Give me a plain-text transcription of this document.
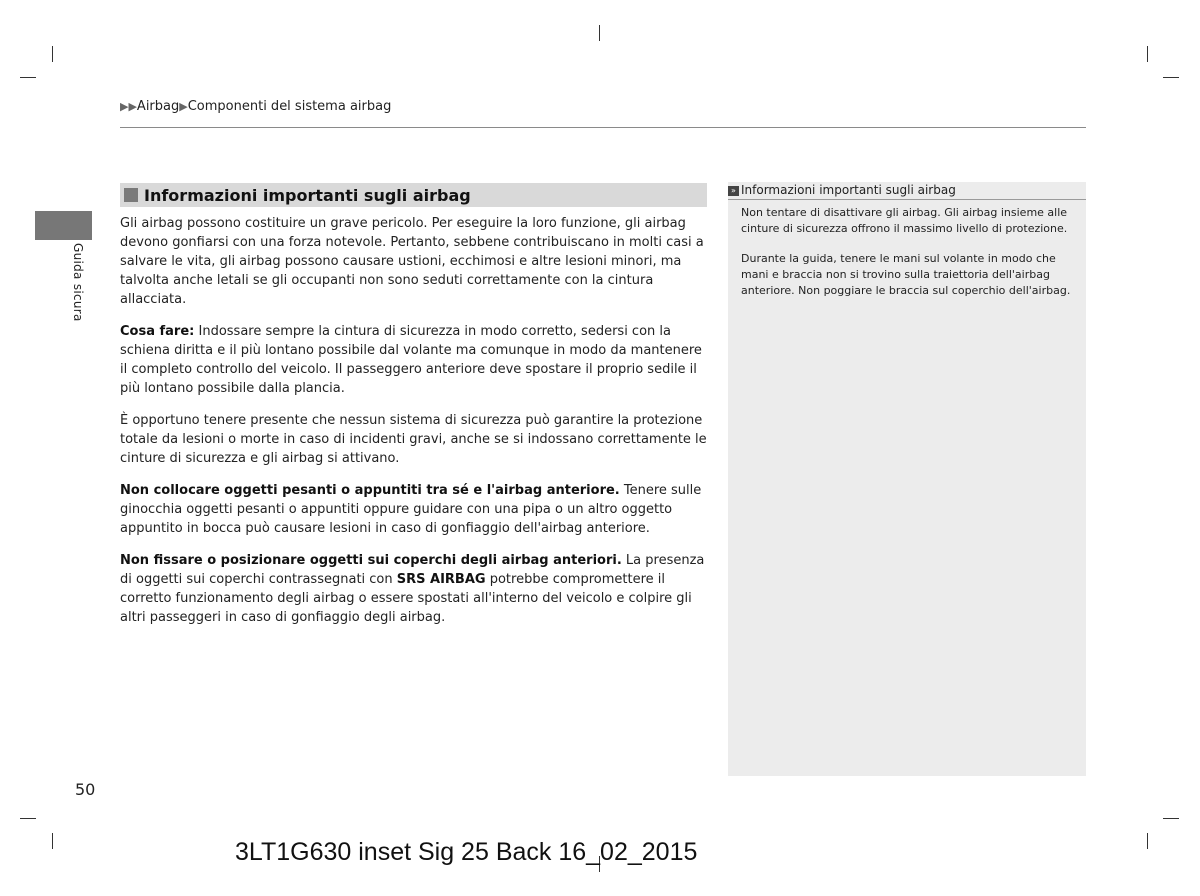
▶▶Airbag▶Componenti del sistema airbag
Guida sicura
50
Informazioni importanti sugli airbag

Gli airbag possono costituire un grave pericolo. Per eseguire la loro funzione, gli airbag devono gonfiarsi con una forza notevole. Pertanto, sebbene contribuiscano in molti casi a salvare le vita, gli airbag possono causare ustioni, ecchimosi e altre lesioni minori, ma talvolta anche letali se gli occupanti non sono seduti correttamente con la cintura allacciata.

Cosa fare: Indossare sempre la cintura di sicurezza in modo corretto, sedersi con la schiena diritta e il più lontano possibile dal volante ma comunque in modo da mantenere il completo controllo del veicolo. Il passeggero anteriore deve spostare il proprio sedile il più lontano possibile dalla plancia.

È opportuno tenere presente che nessun sistema di sicurezza può garantire la protezione totale da lesioni o morte in caso di incidenti gravi, anche se si indossano correttamente le cinture di sicurezza e gli airbag si attivano.

Non collocare oggetti pesanti o appuntiti tra sé e l'airbag anteriore. Tenere sulle ginocchia oggetti pesanti o appuntiti oppure guidare con una pipa o un altro oggetto appuntito in bocca può causare lesioni in caso di gonfiaggio dell'airbag anteriore.

Non fissare o posizionare oggetti sui coperchi degli airbag anteriori. La presenza di oggetti sui coperchi contrassegnati con SRS AIRBAG potrebbe compromettere il corretto funzionamento degli airbag o essere spostati all'interno del veicolo e colpire gli altri passeggeri in caso di gonfiaggio degli airbag.

» Informazioni importanti sugli airbag

Non tentare di disattivare gli airbag. Gli airbag insieme alle cinture di sicurezza offrono il massimo livello di protezione.

Durante la guida, tenere le mani sul volante in modo che mani e braccia non si trovino sulla traiettoria dell'airbag anteriore. Non poggiare le braccia sul coperchio dell'airbag.

3LT1G630 inset Sig 25 Back 16_02_2015
